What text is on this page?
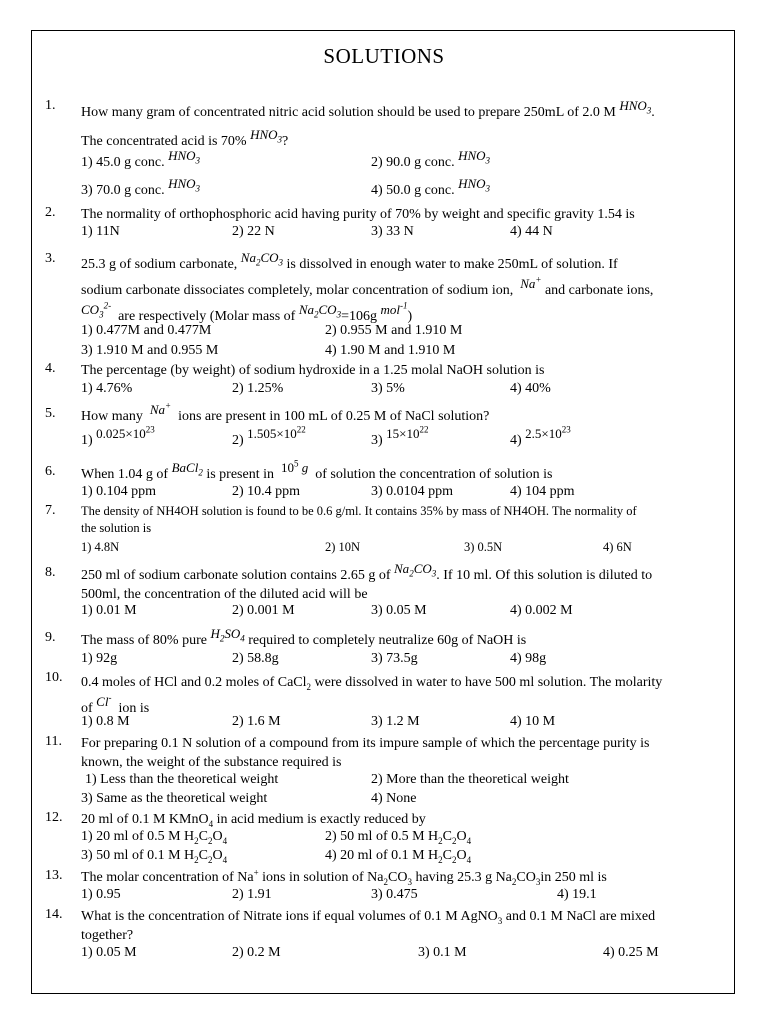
SOLUTIONS
1. How many gram of concentrated nitric acid solution should be used to prepare 250mL of 2.0 M $HNO_3$.
The concentrated acid is 70% $HNO_3$?
1) 45.0 g conc. $HNO_3$	2) 90.0 g conc. $HNO_3$
3) 70.0 g conc. $HNO_3$	4) 50.0 g conc. $HNO_3$
2. The normality of orthophosphoric acid having purity of 70% by weight and specific gravity 1.54 is
1) 11N	2) 22 N	3) 33 N	4) 44 N
3. 25.3 g of sodium carbonate, $Na_2CO_3$ is dissolved in enough water to make 250mL of solution. If
sodium carbonate dissociates completely, molar concentration of sodium ion, Na+ and carbonate ions,
$CO_3^{2-}$  are respectively (Molar mass of $Na_2CO_3=106g$ mol$^{-1}$)
1) 0.477M and 0.477M	2) 0.955 M and 1.910 M
3) 1.910 M and 0.955 M	4) 1.90 M and 1.910 M
4. The percentage (by weight) of sodium hydroxide in a 1.25 molal NaOH solution is
1) 4.76%	2) 1.25%	3) 5%	4) 40%
5. How many Na+  ions are present in 100 mL of 0.25 M of NaCl solution?
1) $0.025\times 10^{23}$
2) $1.505\times 10^{22}$
3) $15\times 10^{22}$
4) $2.5\times 10^{23}$
6. When 1.04 g of BaCl$_2$ is present in $10^5$ g of solution the concentration of solution is
1) 0.104 ppm	2) 10.4 ppm	3) 0.0104 ppm	4) 104 ppm
7. The density of NH4OH solution is found to be 0.6 g/ml. It contains 35% by mass of NH4OH. The normality of
the solution is
1) 4.8N	2) 10N	3) 0.5N	4) 6N
8. 250 ml of sodium carbonate solution contains 2.65 g of $Na_2CO_3$. If 10 ml. Of this solution is diluted to
500ml, the concentration of the diluted acid will be
1) 0.01 M	2) 0.001 M	3) 0.05 M	4) 0.002 M
9. The mass of 80% pure $H_2SO_4$ required to completely neutralize 60g of NaOH is
1) 92g	2) 58.8g	3) 73.5g	4) 98g
10. 0.4 moles of HCl and 0.2 moles of CaCl$_2$ were dissolved in water to have 500 ml solution. The molarity
of Cl-  ion is
1) 0.8 M	2) 1.6 M	3) 1.2 M	4) 10 M
11. For preparing 0.1 N solution of a compound from its impure sample of which the percentage purity is
known, the weight of the substance required is
1) Less than the theoretical weight	2) More than the theoretical weight
3) Same as the theoretical weight	4) None
12. 20 ml of 0.1 M KMnO$_4$ in acid medium is exactly reduced by
1) 20 ml of 0.5 M $H_2C_2O_4$	2) 50 ml of 0.5 M $H_2C_2O_4$
3) 50 ml of 0.1 M $H_2C_2O_4$	4) 20 ml of 0.1 M $H_2C_2O_4$
13. The molar concentration of Na+ ions in solution of $Na_2CO_3$ having 25.3 g $Na_2CO_3in$ 250 ml is
1) 0.95	2) 1.91	3) 0.475	4) 19.1
14. What is the concentration of Nitrate ions if equal volumes of 0.1 M AgNO$_3$ and 0.1 M NaCl are mixed
together?
1) 0.05 M	2) 0.2 M	3) 0.1 M	4) 0.25 M
